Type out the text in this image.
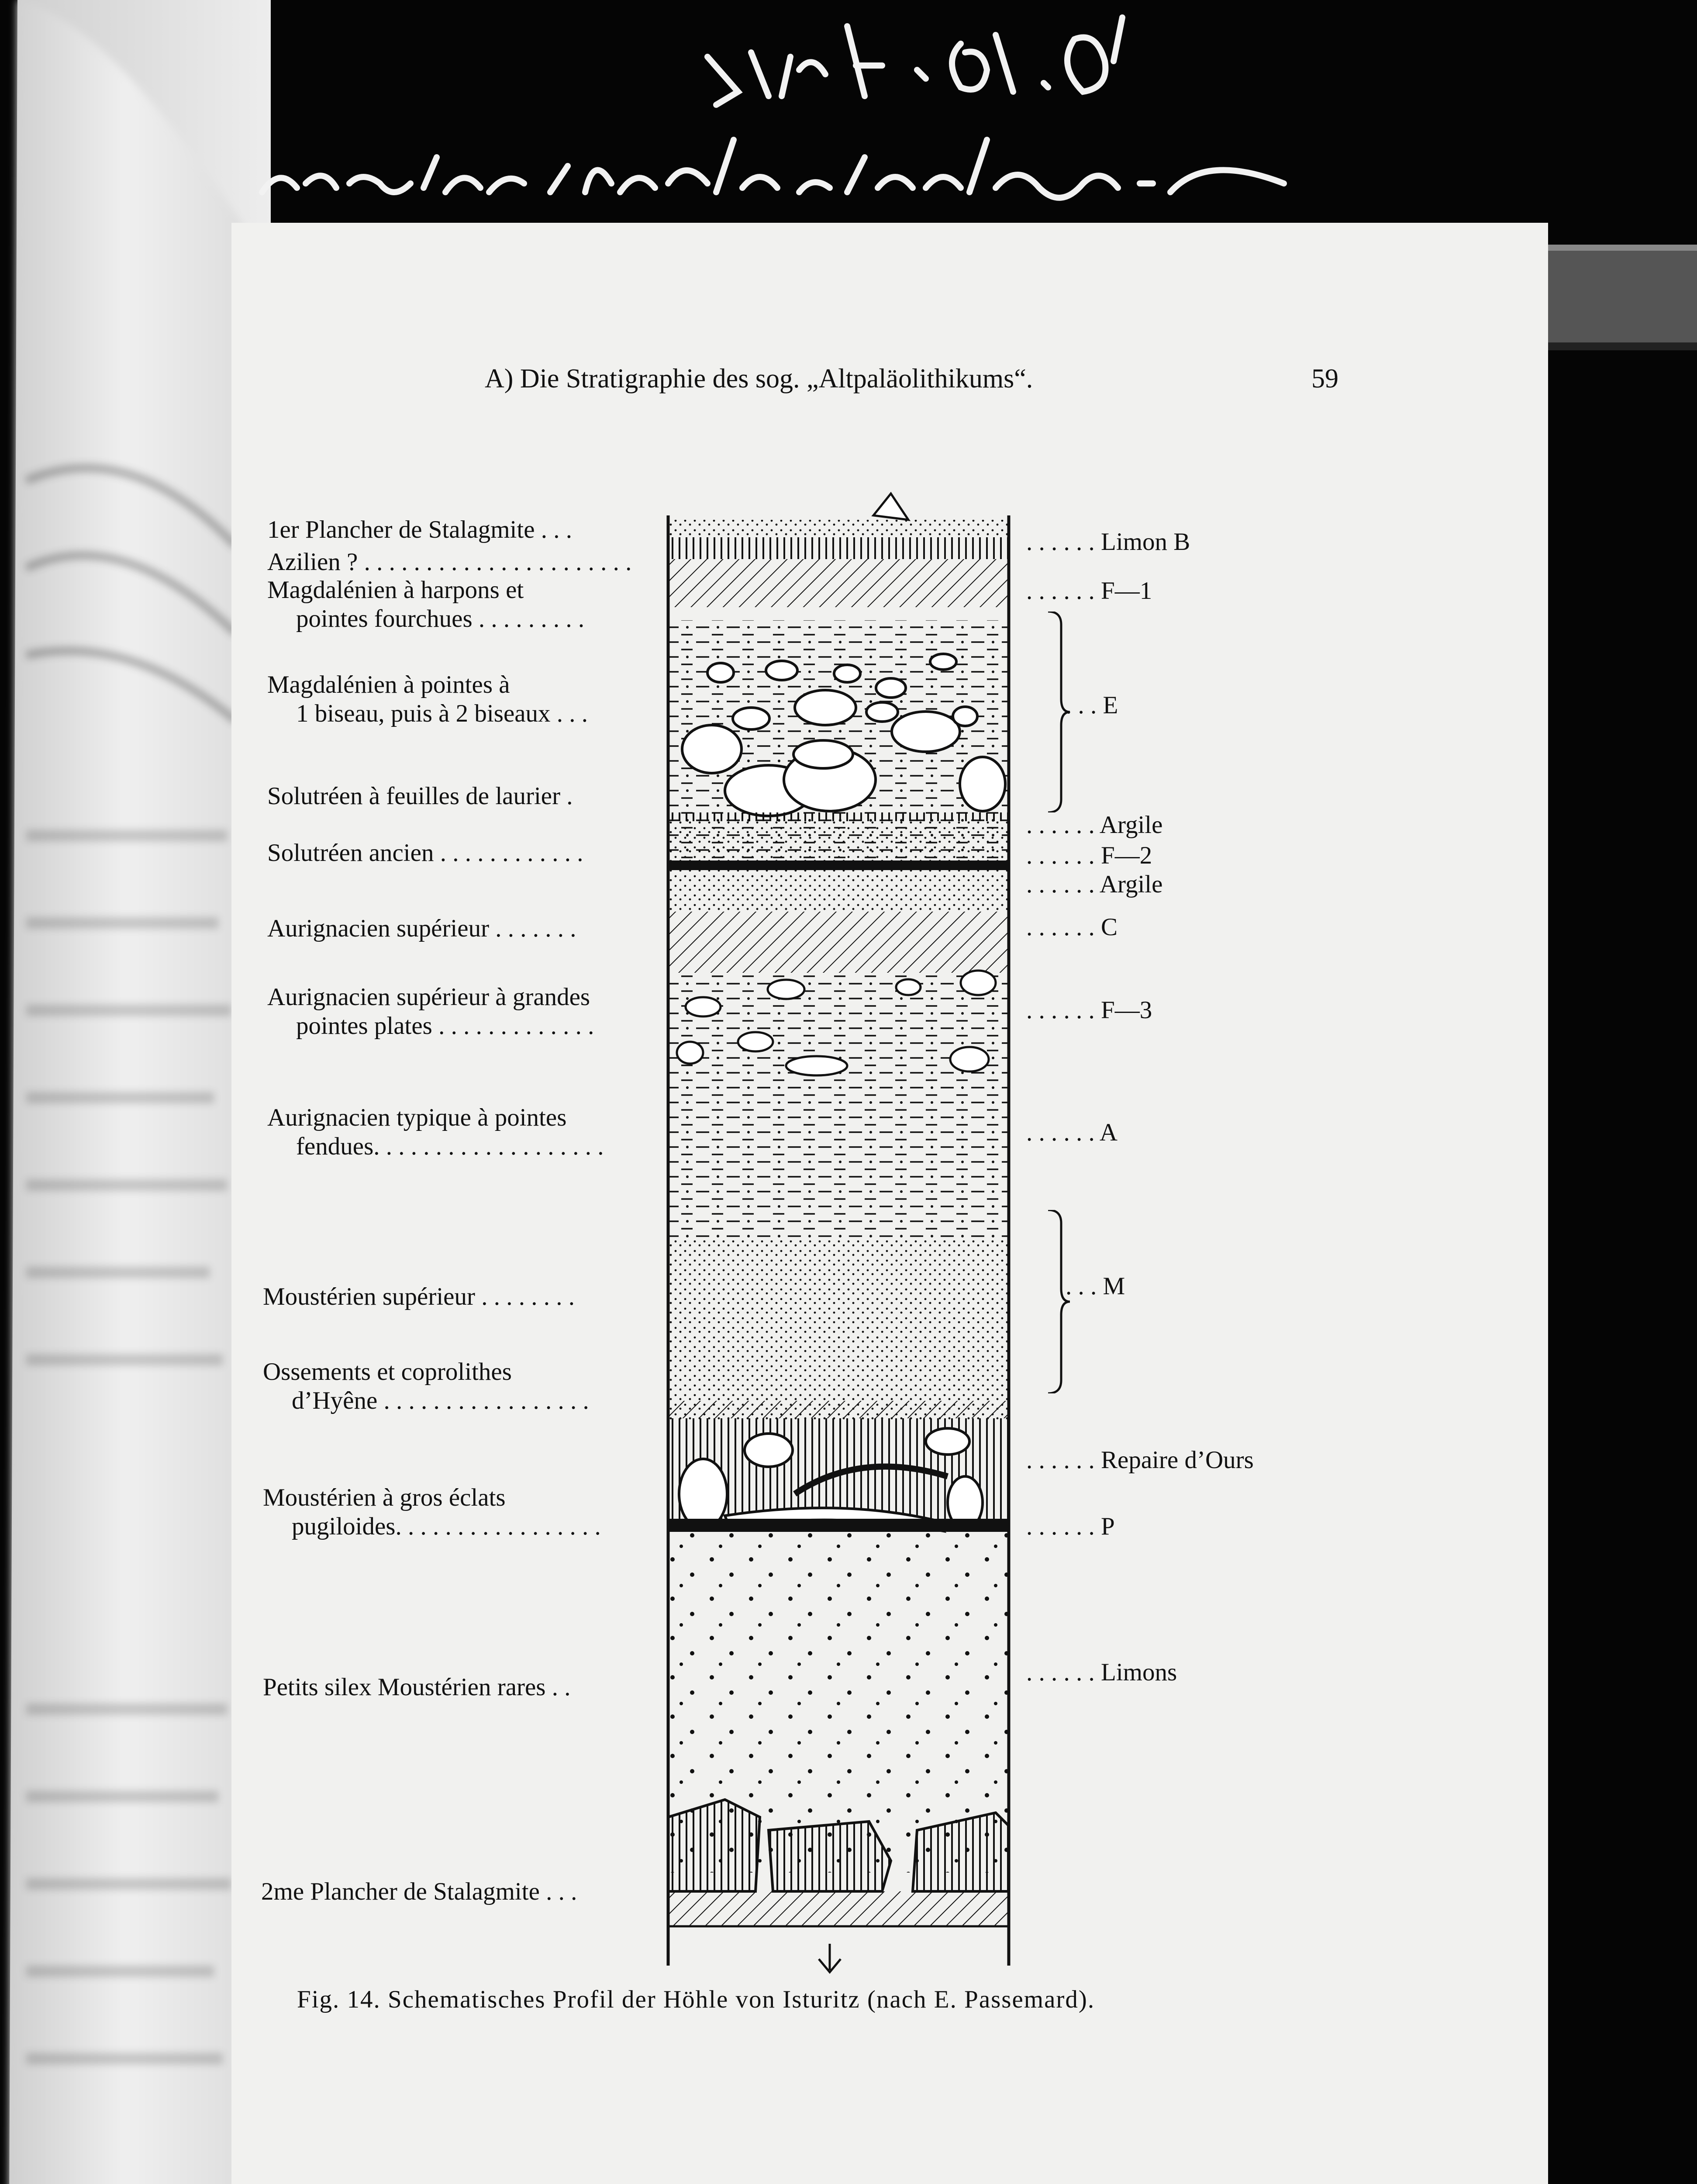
A) Die Stratigraphie des sog. „Altpaläolithikums“.	59
1er Plancher de Stalagmite . . .
Azilien ? . . . . . . . . . . . . . . . . . . . . . .
Magdalénien à harpons et
pointes fourchues . . . . . . . . .
Magdalénien à pointes à
1 biseau, puis à 2 biseaux . . .
Solutréen à feuilles de laurier .
Solutréen ancien . . . . . . . . . . . .
Aurignacien supérieur . . . . . . .
Aurignacien supérieur à grandes
pointes plates . . . . . . . . . . . . .
Aurignacien typique à pointes
fendues. . . . . . . . . . . . . . . . . . .
Moustérien supérieur . . . . . . . .
Ossements et coprolithes
d’Hyêne . . . . . . . . . . . . . . . . .
Moustérien à gros éclats
pugiloides. . . . . . . . . . . . . . . . .
Petits silex Moustérien rares . .
2me Plancher de Stalagmite . . .
. . . . . . Limon B
. . . . . . F—1
. . . E
. . . . . . Argile
. . . . . . F—2
. . . . . . Argile
. . . . . . C
. . . . . . F—3
. . . . . . A
. . . M
. . . . . . Repaire d’Ours
. . . . . . P
. . . . . . Limons
Fig. 14. Schematisches Profil der Höhle von Isturitz (nach E. Passemard).
